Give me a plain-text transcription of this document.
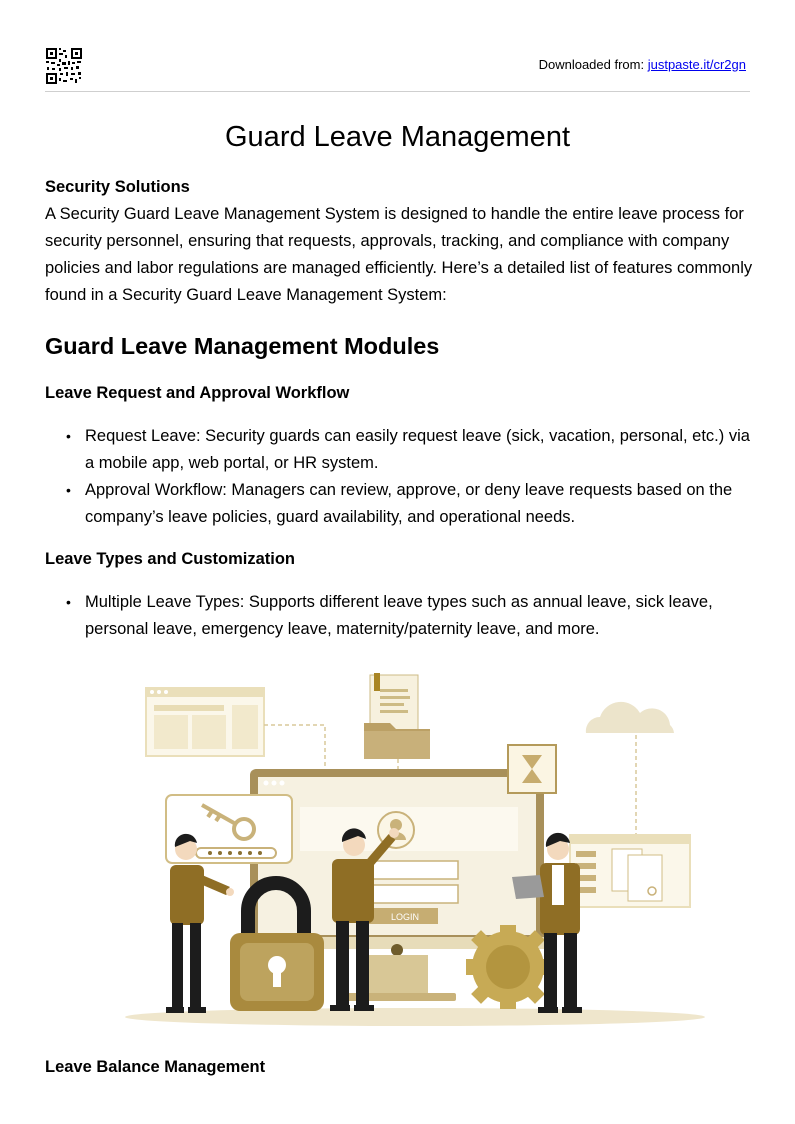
Downloaded from: justpaste.it/cr2gn
Guard Leave Management
Security Solutions

A Security Guard Leave Management System is designed to handle the entire leave process for security personnel, ensuring that requests, approvals, tracking, and compliance with company policies and labor regulations are managed efficiently. Here’s a detailed list of features commonly found in a Security Guard Leave Management System:

Guard Leave Management Modules
Leave Request and Approval Workflow
• Request Leave: Security guards can easily request leave (sick, vacation, personal, etc.) via a mobile app, web portal, or HR system.
• Approval Workflow: Managers can review, approve, or deny leave requests based on the company’s leave policies, guard availability, and operational needs.
Leave Types and Customization
• Multiple Leave Types: Supports different leave types such as annual leave, sick leave, personal leave, emergency leave, maternity/paternity leave, and more.
LOGIN
Leave Balance Management
